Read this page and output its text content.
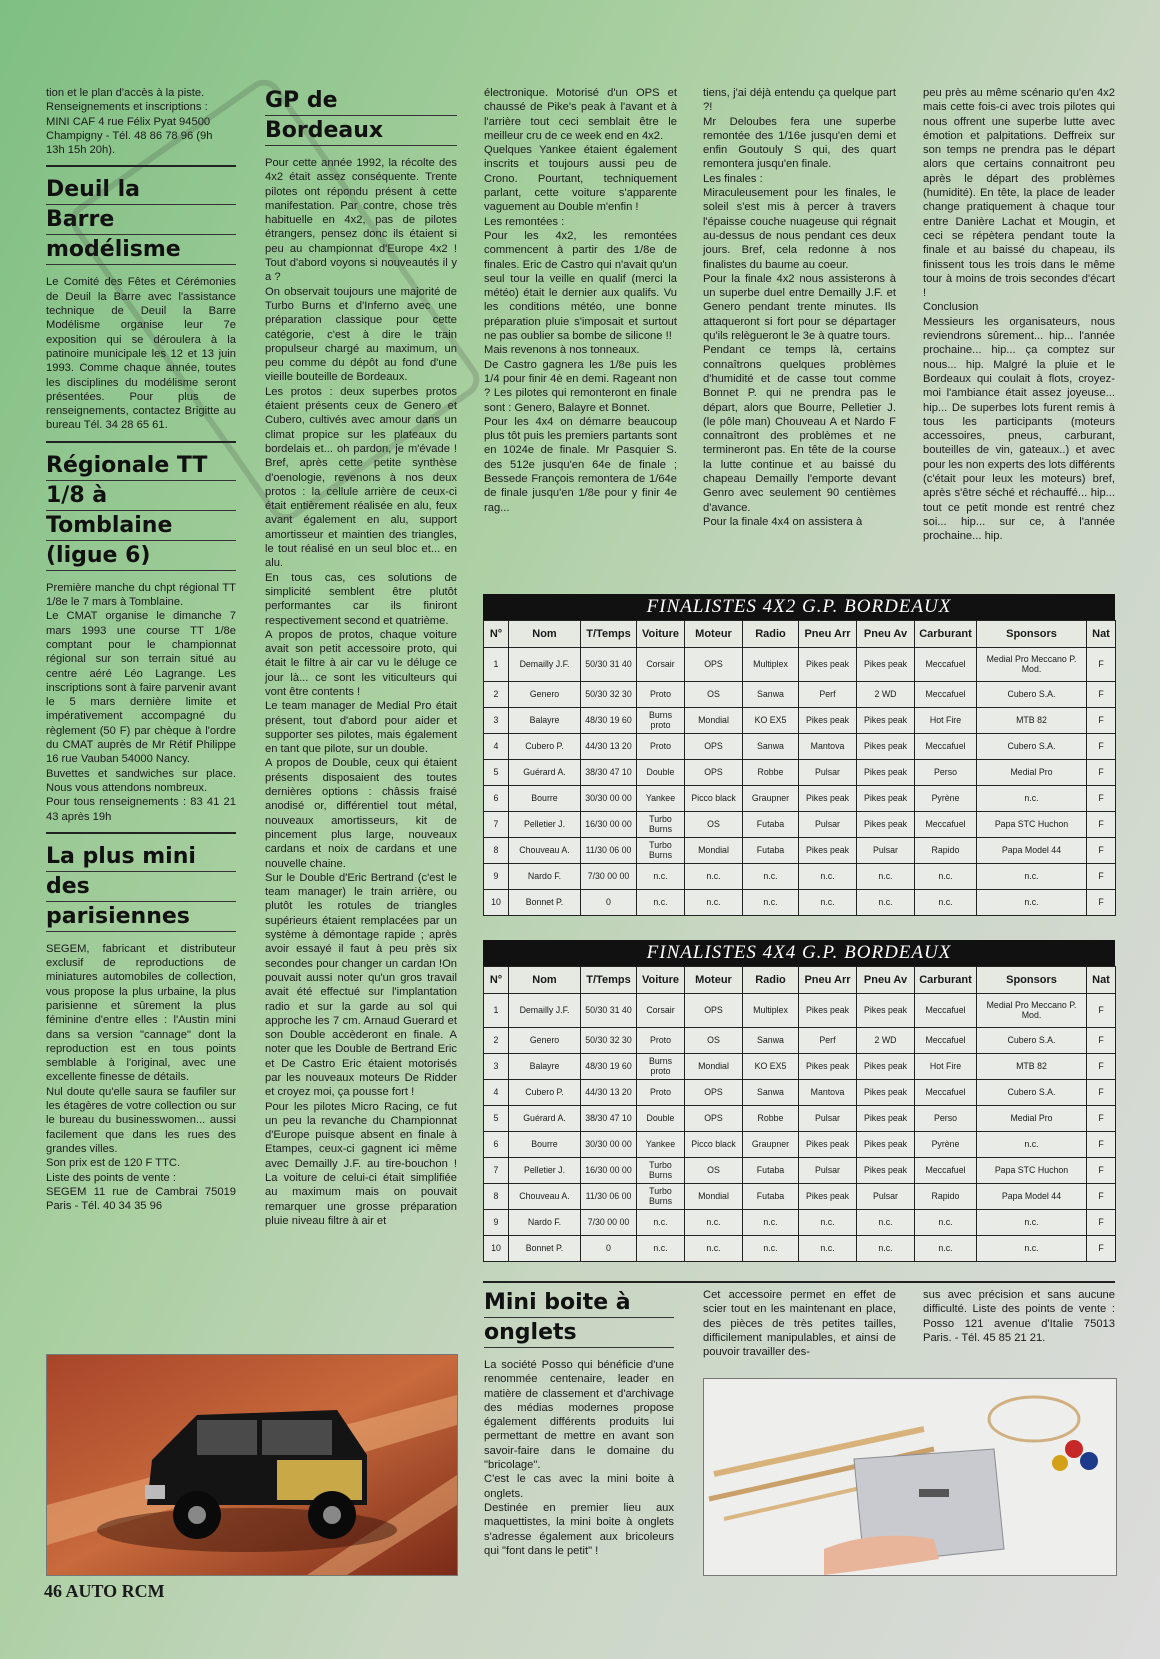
tion et le plan d'accès à la piste.

Renseignements et inscriptions :

MINI CAF 4 rue Félix Pyat 94500

Champigny - Tél. 48 86 78 96 (9h

13h 15h 20h).

Deuil la
Barre
modélisme

Le Comité des Fêtes et Cérémonies de Deuil la Barre avec l'assistance technique de Deuil la Barre Modélisme organise leur 7e exposition qui se déroulera à la patinoire municipale les 12 et 13 juin 1993. Comme chaque année, toutes les disciplines du modélisme seront présentées. Pour plus de renseignements, contactez Brigitte au bureau Tél. 34 28 65 61.

Régionale TT
1/8 à
Tomblaine
(ligue 6)

Première manche du chpt régional TT 1/8e le 7 mars à Tomblaine.

Le CMAT organise le dimanche 7 mars 1993 une course TT 1/8e comptant pour le championnat régional sur son terrain situé au centre aéré Léo Lagrange. Les inscriptions sont à faire parvenir avant le 5 mars dernière limite et impérativement accompagné du règlement (50 F) par chèque à l'ordre du CMAT auprès de Mr Rétif Philippe 16 rue Vauban 54000 Nancy.

Buvettes et sandwiches sur place. Nous vous attendons nombreux.

Pour tous renseignements : 83 41 21 43 après 19h

La plus mini
des
parisiennes

SEGEM, fabricant et distributeur exclusif de reproductions de miniatures automobiles de collection, vous propose la plus urbaine, la plus parisienne et sûrement la plus féminine d'entre elles : l'Austin mini dans sa version "cannage" dont la reproduction est en tous points semblable à l'original, avec une excellente finesse de détails.

Nul doute qu'elle saura se faufiler sur les étagères de votre collection ou sur le bureau du businesswomen... aussi facilement que dans les rues des grandes villes.

Son prix est de 120 F TTC.

Liste des points de vente :

SEGEM 11 rue de Cambrai 75019 Paris - Tél. 40 34 35 96

GP de
Bordeaux

Pour cette année 1992, la récolte des 4x2 était assez conséquente. Trente pilotes ont répondu présent à cette manifestation. Par contre, chose très habituelle en 4x2, pas de pilotes étrangers, pensez donc ils étaient si peu au championnat d'Europe 4x2 ! Tout d'abord voyons si nouveautés il y a ?

On observait toujours une majorité de Turbo Burns et d'Inferno avec une préparation classique pour cette catégorie, c'est à dire le train propulseur chargé au maximum, un peu comme du dépôt au fond d'une vieille bouteille de Bordeaux.

Les protos : deux superbes protos étaient présents ceux de Genero et Cubero, cultivés avec amour dans un climat propice sur les plateaux du bordelais et... oh pardon, je m'évade ! Bref, après cette petite synthèse d'oenologie, revenons à nos deux protos : la cellule arrière de ceux-ci était entièrement réalisée en alu, feux avant également en alu, support amortisseur et maintien des triangles, le tout réalisé en un seul bloc et... en alu.

En tous cas, ces solutions de simplicité semblent être plutôt performantes car ils finiront respectivement second et quatrième.

A propos de protos, chaque voiture avait son petit accessoire proto, qui était le filtre à air car vu le déluge ce jour là... ce sont les viticulteurs qui vont être contents !

Le team manager de Medial Pro était présent, tout d'abord pour aider et supporter ses pilotes, mais également en tant que pilote, sur un double.

A propos de Double, ceux qui étaient présents disposaient des toutes dernières options : châssis fraisé anodisé or, différentiel tout métal, nouveaux amortisseurs, kit de pincement plus large, nouveaux cardans et noix de cardans et une nouvelle chaine.

Sur le Double d'Eric Bertrand (c'est le team manager) le train arrière, ou plutôt les rotules de triangles supérieurs étaient remplacées par un système à démontage rapide ; après avoir essayé il faut à peu près six secondes pour changer un cardan !On pouvait aussi noter qu'un gros travail avait été effectué sur l'implantation radio et sur la garde au sol qui approche les 7 cm. Arnaud Guerard et son Double accèderont en finale. A noter que les Double de Bertrand Eric et De Castro Eric étaient motorisés par les nouveaux moteurs De Ridder et croyez moi, ça pousse fort !

Pour les pilotes Micro Racing, ce fut un peu la revanche du Championnat d'Europe puisque absent en finale à Etampes, ceux-ci gagnent ici même avec Demailly J.F. au tire-bouchon ! La voiture de celui-ci était simplifiée au maximum mais on pouvait remarquer une grosse préparation pluie niveau filtre à air et

électronique. Motorisé d'un OPS et chaussé de Pike's peak à l'avant et à l'arrière tout ceci semblait être le meilleur cru de ce week end en 4x2.

Quelques Yankee étaient également inscrits et toujours aussi peu de Crono. Pourtant, techniquement parlant, cette voiture s'apparente vaguement au Double m'enfin !

Les remontées :

Pour les 4x2, les remontées commencent à partir des 1/8e de finales. Eric de Castro qui n'avait qu'un seul tour la veille en qualif (merci la météo) était le dernier aux qualifs. Vu les conditions météo, une bonne préparation pluie s'imposait et surtout ne pas oublier sa bombe de silicone !!

Mais revenons à nos tonneaux.

De Castro gagnera les 1/8e puis les 1/4 pour finir 4è en demi. Rageant non ? Les pilotes qui remonteront en finale sont : Genero, Balayre et Bonnet.

Pour les 4x4 on démarre beaucoup plus tôt puis les premiers partants sont en 1024e de finale. Mr Pasquier S. des 512e jusqu'en 64e de finale ; Bessede François remontera de 1/64e de finale jusqu'en 1/8e pour y finir 4e rag...

tiens, j'ai déjà entendu ça quelque part ?!

Mr Deloubes fera une superbe remontée des 1/16e jusqu'en demi et enfin Goutouly S qui, des quart remontera jusqu'en finale.

Les finales :

Miraculeusement pour les finales, le soleil s'est mis à percer à travers l'épaisse couche nuageuse qui régnait au-dessus de nous pendant ces deux jours. Bref, cela redonne à nos finalistes du baume au coeur.

Pour la finale 4x2 nous assisterons à un superbe duel entre Demailly J.F. et Genero pendant trente minutes. Ils attaqueront si fort pour se départager qu'ils relègueront le 3e à quatre tours.

Pendant ce temps là, certains connaîtrons quelques problèmes d'humidité et de casse tout comme Bonnet P. qui ne prendra pas le départ, alors que Bourre, Pelletier J. (le pôle man) Chouveau A et Nardo F connaîtront des problèmes et ne termineront pas. En tête de la course la lutte continue et au baissé du chapeau Demailly l'emporte devant Genro avec seulement 90 centièmes d'avance.

Pour la finale 4x4 on assistera à

peu près au même scénario qu'en 4x2 mais cette fois-ci avec trois pilotes qui nous offrent une superbe lutte avec émotion et palpitations. Deffreix sur son temps ne prendra pas le départ alors que certains connaitront peu après le départ des problèmes (humidité). En tête, la place de leader change pratiquement à chaque tour entre Danière Lachat et Mougin, et ceci se répètera pendant toute la finale et au baissé du chapeau, ils finissent tous les trois dans le même tour à moins de trois secondes d'écart !

Conclusion

Messieurs les organisateurs, nous reviendrons sûrement... hip... l'année prochaine... hip... ça comptez sur nous... hip. Malgré la pluie et le Bordeaux qui coulait à flots, croyez-moi l'ambiance était assez joyeuse... hip... De superbes lots furent remis à tous les participants (moteurs accessoires, pneus, carburant, bouteilles de vin, gateaux..) et avec pour les non experts des lots différents (c'était pour leux les moteurs) bref, après s'être séché et réchauffé... hip... tout ce petit monde est rentré chez soi... hip... sur ce, à l'année prochaine... hip.

FINALISTES 4X2 G.P. BORDEAUX
N°	Nom	T/Temps	Voiture	Moteur	Radio	Pneu Arr	Pneu Av	Carburant	Sponsors	Nat
1	Demailly J.F.	50/30 31 40	Corsair	OPS	Multiplex	Pikes peak	Pikes peak	Meccafuel	Medial Pro Meccano P. Mod.	F
2	Genero	50/30 32 30	Proto	OS	Sanwa	Perf	2 WD	Meccafuel	Cubero S.A.	F
3	Balayre	48/30 19 60	Burns proto	Mondial	KO EX5	Pikes peak	Pikes peak	Hot Fire	MTB 82	F
4	Cubero P.	44/30 13 20	Proto	OPS	Sanwa	Mantova	Pikes peak	Meccafuel	Cubero S.A.	F
5	Guérard A.	38/30 47 10	Double	OPS	Robbe	Pulsar	Pikes peak	Perso	Medial Pro	F
6	Bourre	30/30 00 00	Yankee	Picco black	Graupner	Pikes peak	Pikes peak	Pyrène	n.c.	F
7	Pelletier J.	16/30 00 00	Turbo Burns	OS	Futaba	Pulsar	Pikes peak	Meccafuel	Papa STC Huchon	F
8	Chouveau A.	11/30 06 00	Turbo Burns	Mondial	Futaba	Pikes peak	Pulsar	Rapido	Papa Model 44	F
9	Nardo F.	7/30 00 00	n.c.	n.c.	n.c.	n.c.	n.c.	n.c.	n.c.	F
10	Bonnet P.	0	n.c.	n.c.	n.c.	n.c.	n.c.	n.c.	n.c.	F
FINALISTES 4X4 G.P. BORDEAUX
N°	Nom	T/Temps	Voiture	Moteur	Radio	Pneu Arr	Pneu Av	Carburant	Sponsors	Nat
1	Demailly J.F.	50/30 31 40	Corsair	OPS	Multiplex	Pikes peak	Pikes peak	Meccafuel	Medial Pro Meccano P. Mod.	F
2	Genero	50/30 32 30	Proto	OS	Sanwa	Perf	2 WD	Meccafuel	Cubero S.A.	F
3	Balayre	48/30 19 60	Burns proto	Mondial	KO EX5	Pikes peak	Pikes peak	Hot Fire	MTB 82	F
4	Cubero P.	44/30 13 20	Proto	OPS	Sanwa	Mantova	Pikes peak	Meccafuel	Cubero S.A.	F
5	Guérard A.	38/30 47 10	Double	OPS	Robbe	Pulsar	Pikes peak	Perso	Medial Pro	F
6	Bourre	30/30 00 00	Yankee	Picco black	Graupner	Pikes peak	Pikes peak	Pyrène	n.c.	F
7	Pelletier J.	16/30 00 00	Turbo Burns	OS	Futaba	Pulsar	Pikes peak	Meccafuel	Papa STC Huchon	F
8	Chouveau A.	11/30 06 00	Turbo Burns	Mondial	Futaba	Pikes peak	Pulsar	Rapido	Papa Model 44	F
9	Nardo F.	7/30 00 00	n.c.	n.c.	n.c.	n.c.	n.c.	n.c.	n.c.	F
10	Bonnet P.	0	n.c.	n.c.	n.c.	n.c.	n.c.	n.c.	n.c.	F
Mini boite à
onglets

La société Posso qui bénéficie d'une renommée centenaire, leader en matière de classement et d'archivage des médias modernes propose également différents produits lui permettant de mettre en avant son savoir-faire dans le domaine du "bricolage".

C'est le cas avec la mini boite à onglets.

Destinée en premier lieu aux maquettistes, la mini boite à onglets s'adresse également aux bricoleurs qui "font dans le petit" !

Cet accessoire permet en effet de scier tout en les maintenant en place, des pièces de très petites tailles, difficilement manipulables, et ainsi de pouvoir travailler des-

sus avec précision et sans aucune difficulté. Liste des points de vente : Posso 121 avenue d'Italie 75013 Paris. - Tél. 45 85 21 21.

46 AUTO RCM
